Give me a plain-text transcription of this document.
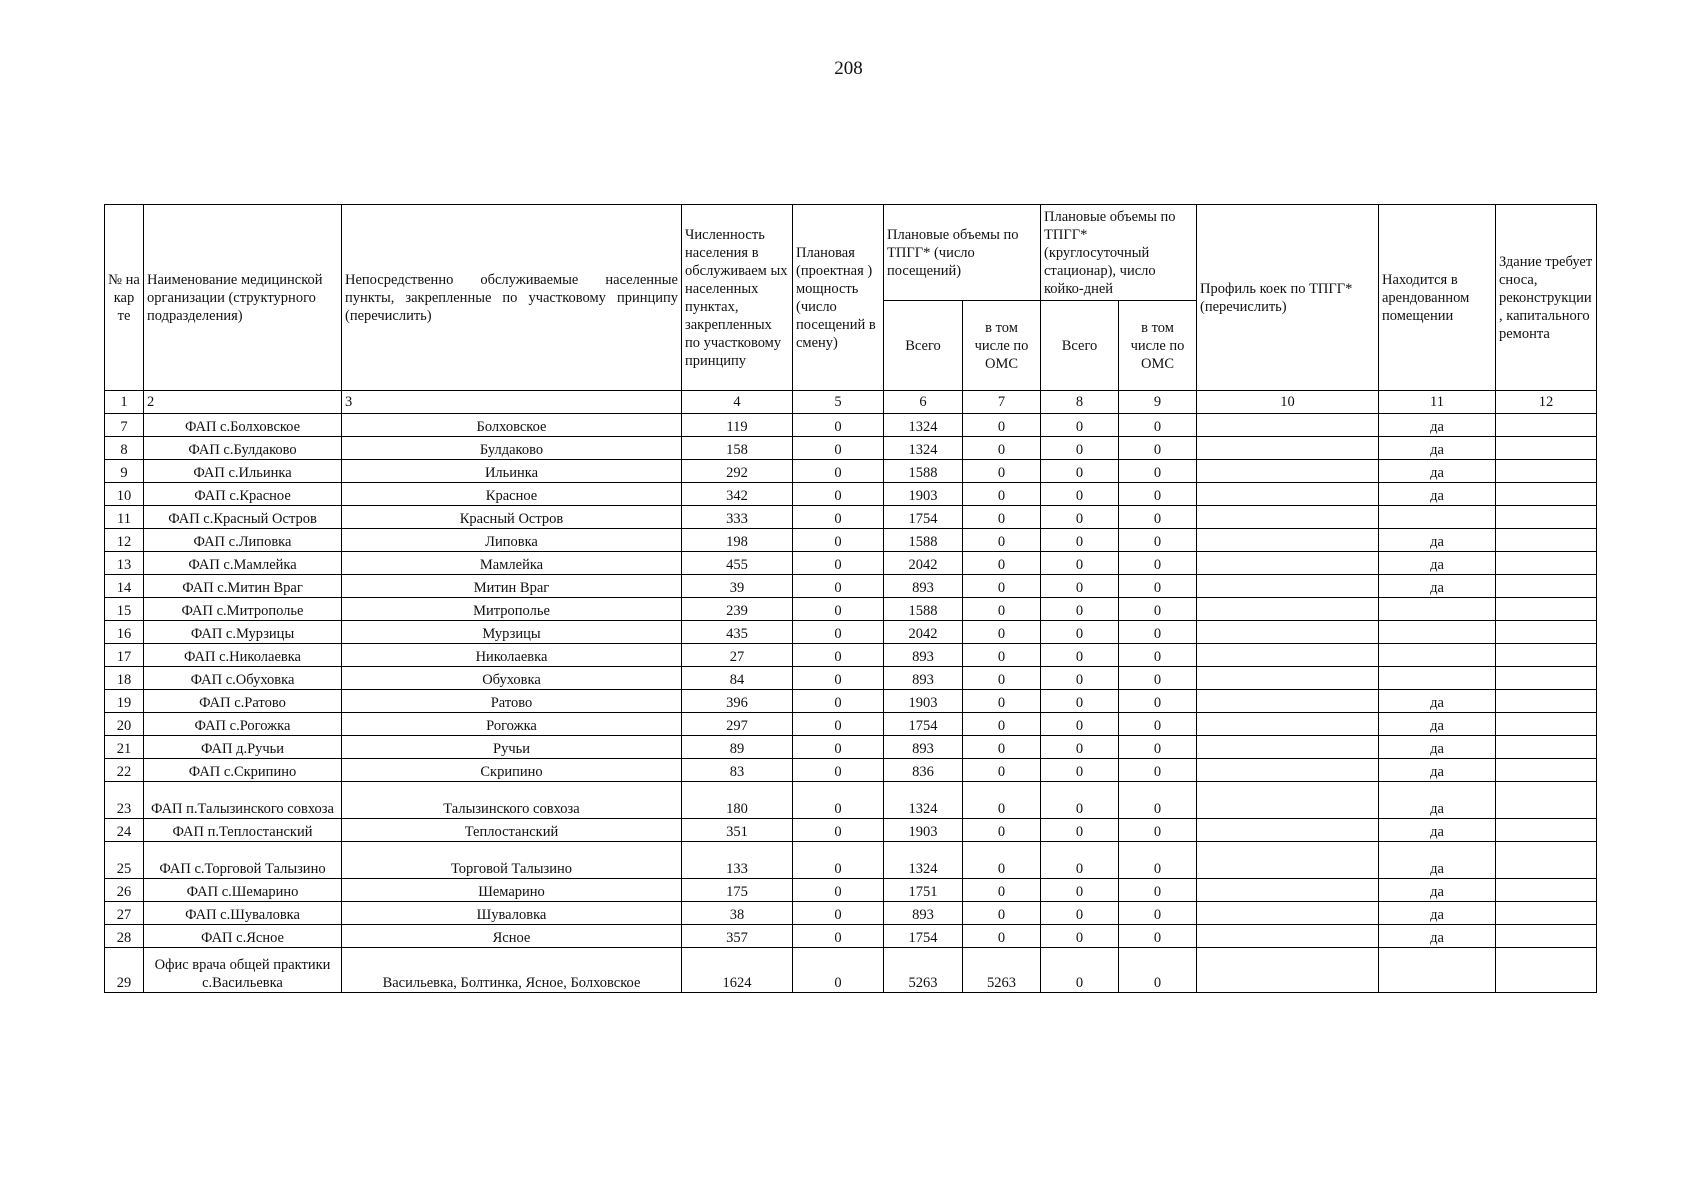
208
№ на кар те	Наименование медицинской организации (структурного подразделения)	Непосредственно обслуживаемые населенные пункты, закрепленные по участковому принципу (перечислить)	Численность населения в обслуживаем ых населенных пунктах, закрепленных по участковому принципу	Плановая (проектная ) мощность (число посещений в смену)	Плановые объемы по ТПГГ* (число посещений)		Плановые объемы по ТПГГ* (круглосуточный стационар), число койко-дней		Профиль коек по ТПГГ* (перечислить)	Находится в арендованном помещении	Здание требует сноса, реконструкции , капитального ремонта
					Всего	в том числе по ОМС	Всего	в том числе по ОМС			
1	2	3	4	5	6	7	8	9	10	11	12
7	ФАП с.Болховское	Болховское	119	0	1324	0	0	0		да	
8	ФАП с.Булдаково	Булдаково	158	0	1324	0	0	0		да	
9	ФАП с.Ильинка	Ильинка	292	0	1588	0	0	0		да	
10	ФАП с.Красное	Красное	342	0	1903	0	0	0		да	
11	ФАП с.Красный Остров	Красный Остров	333	0	1754	0	0	0			
12	ФАП с.Липовка	Липовка	198	0	1588	0	0	0		да	
13	ФАП с.Мамлейка	Мамлейка	455	0	2042	0	0	0		да	
14	ФАП с.Митин Враг	Митин Враг	39	0	893	0	0	0		да	
15	ФАП с.Митрополье	Митрополье	239	0	1588	0	0	0			
16	ФАП с.Мурзицы	Мурзицы	435	0	2042	0	0	0			
17	ФАП с.Николаевка	Николаевка	27	0	893	0	0	0			
18	ФАП с.Обуховка	Обуховка	84	0	893	0	0	0			
19	ФАП с.Ратово	Ратово	396	0	1903	0	0	0		да	
20	ФАП с.Рогожка	Рогожка	297	0	1754	0	0	0		да	
21	ФАП д.Ручьи	Ручьи	89	0	893	0	0	0		да	
22	ФАП с.Скрипино	Скрипино	83	0	836	0	0	0		да	
23	ФАП п.Талызинского совхоза	Талызинского совхоза	180	0	1324	0	0	0		да	
24	ФАП п.Теплостанский	Теплостанский	351	0	1903	0	0	0		да	
25	ФАП с.Торговой Талызино	Торговой Талызино	133	0	1324	0	0	0		да	
26	ФАП с.Шемарино	Шемарино	175	0	1751	0	0	0		да	
27	ФАП с.Шуваловка	Шуваловка	38	0	893	0	0	0		да	
28	ФАП с.Ясное	Ясное	357	0	1754	0	0	0		да	
29	Офис врача общей практики с.Васильевка	Васильевка, Болтинка, Ясное, Болховское	1624	0	5263	5263	0	0			
